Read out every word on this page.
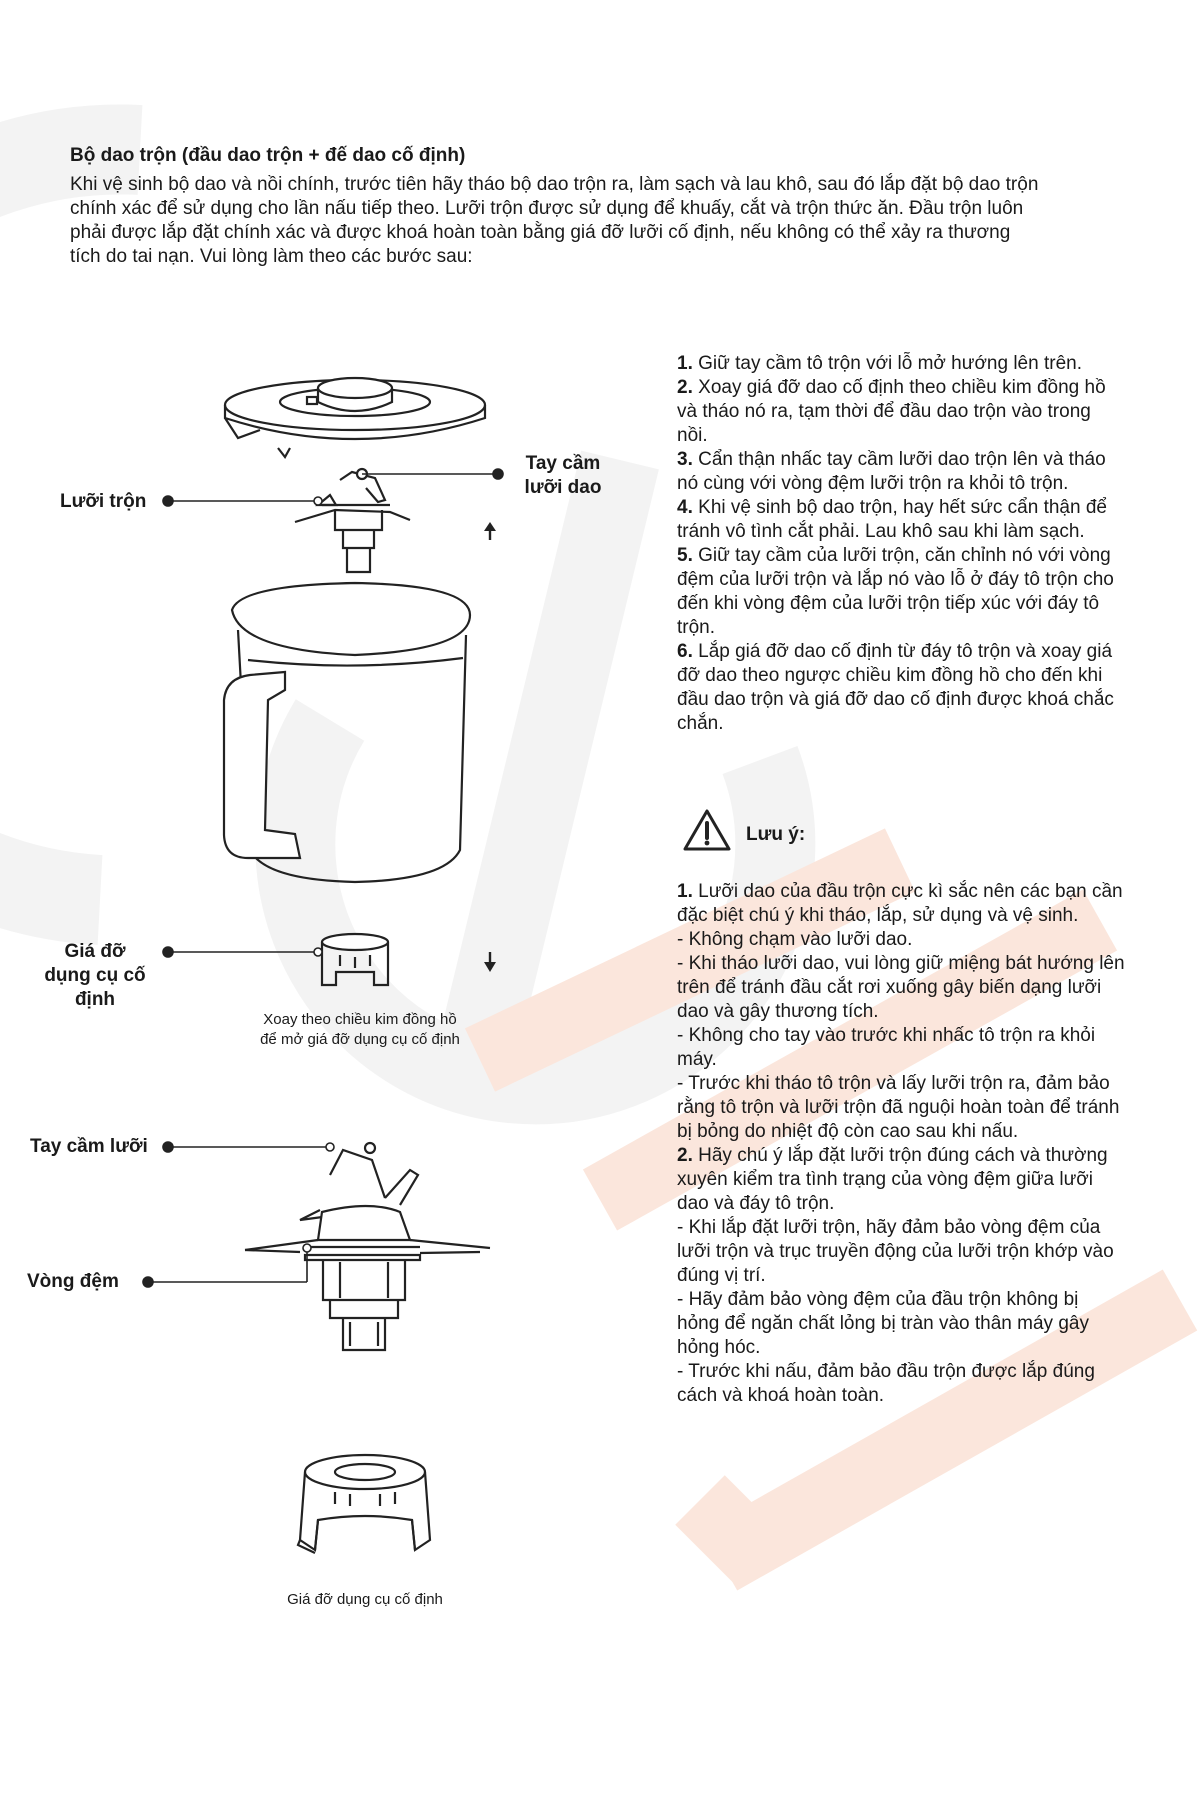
Bộ dao trộn (đầu dao trộn + đế dao cố định)

Khi vệ sinh bộ dao và nồi chính, trước tiên hãy tháo bộ dao trộn ra, làm sạch và lau khô, sau đó lắp đặt bộ dao trộn
chính xác để sử dụng cho lần nấu tiếp theo. Lưỡi trộn được sử dụng để khuấy, cắt và trộn thức ăn. Đầu trộn luôn
phải được lắp đặt chính xác và được khoá hoàn toàn bằng giá đỡ lưỡi cố định, nếu không có thể xảy ra thương
tích do tai nạn. Vui lòng làm theo các bước sau:

Lưỡi trộn
Tay cầm
lưỡi dao
Giá đỡ
dụng cụ cố định
Xoay theo chiều kim đồng hồ
để mở giá đỡ dụng cụ cố định
Tay cầm lưỡi
Vòng đệm
Giá đỡ dụng cụ cố định
1. Giữ tay cầm tô trộn với lỗ mở hướng lên trên.
2. Xoay giá đỡ dao cố định theo chiều kim đồng hồ
và tháo nó ra, tạm thời để đầu dao trộn vào trong
nồi.
3. Cẩn thận nhấc tay cầm lưỡi dao trộn lên và tháo
nó cùng với vòng đệm lưỡi trộn ra khỏi tô trộn.
4. Khi vệ sinh bộ dao trộn, hay hết sức cẩn thận để
tránh vô tình cắt phải. Lau khô sau khi làm sạch.
5. Giữ tay cầm của lưỡi trộn, căn chỉnh nó với vòng
đệm của lưỡi trộn và lắp nó vào lỗ ở đáy tô trộn cho
đến khi vòng đệm của lưỡi trộn tiếp xúc với đáy tô
trộn.
6. Lắp giá đỡ dao cố định từ đáy tô trộn và xoay giá
đỡ dao theo ngược chiều kim đồng hồ cho đến khi
đầu dao trộn và giá đỡ dao cố định được khoá chắc
chắn.
Lưu ý:
1. Lưỡi dao của đầu trộn cực kì sắc nên các bạn cần
đặc biệt chú ý khi tháo, lắp, sử dụng và vệ sinh.
- Không chạm vào lưỡi dao.
- Khi tháo lưỡi dao, vui lòng giữ miệng bát hướng lên
trên để tránh đầu cắt rơi xuống gây biến dạng lưỡi
dao và gây thương tích.
- Không cho tay vào trước khi nhấc tô trộn ra khỏi
máy.
- Trước khi tháo tô trộn và lấy lưỡi trộn ra, đảm bảo
rằng tô trộn và lưỡi trộn đã nguội hoàn toàn để tránh
bị bỏng do nhiệt độ còn cao sau khi nấu.
2. Hãy chú ý lắp đặt lưỡi trộn đúng cách và thường
xuyên kiểm tra tình trạng của vòng đệm giữa lưỡi
dao và đáy tô trộn.
- Khi lắp đặt lưỡi trộn, hãy đảm bảo vòng đệm của
lưỡi trộn và trục truyền động của lưỡi trộn khớp vào
đúng vị trí.
- Hãy đảm bảo vòng đệm của đầu trộn không bị
hỏng để ngăn chất lỏng bị tràn vào thân máy gây
hỏng hóc.
- Trước khi nấu, đảm bảo đầu trộn được lắp đúng
cách và khoá hoàn toàn.
